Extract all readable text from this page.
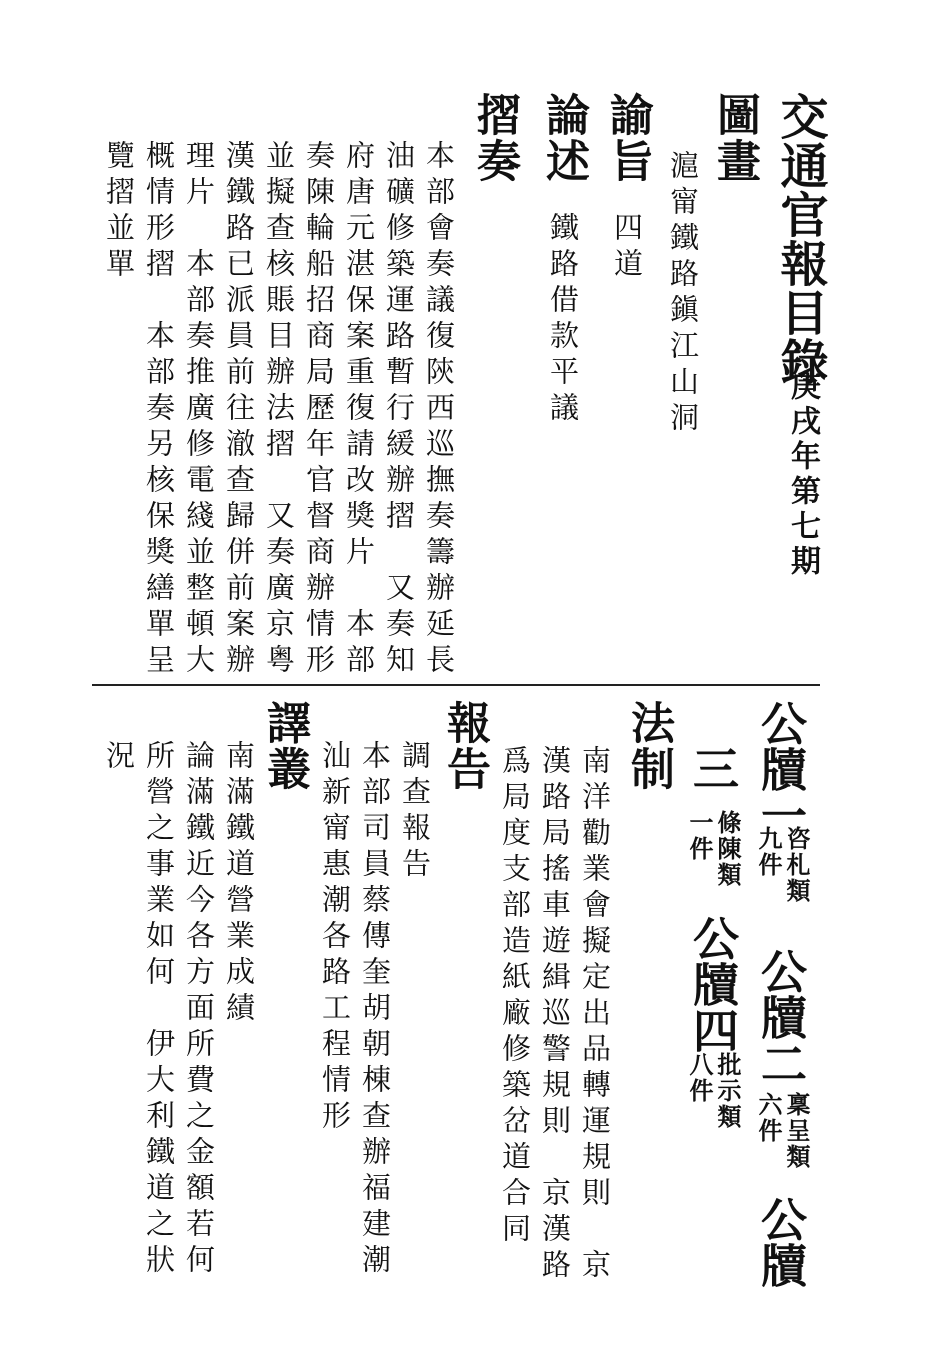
交通官報目錄
庚戌年第七期
圖畫
滬甯鐵路鎭江山洞
諭旨
四道
論述
鐵路借款平議
摺奏
本部會奏議復陝西巡撫奏籌辦延長
油礦修築運路暫行緩辦摺　又奏知
府唐元湛保案重復請改獎片　本部
奏陳輪船招商局歷年官督商辦情形
並擬查核賬目辦法摺　又奏廣京粤
漢鐵路已派員前往澈查歸併前案辦
理片　本部奏推廣修電綫並整頓大
概情形摺　本部奏另核保獎繕單呈
覽摺並單
公牘一
咨札類
九件
公牘二
稟呈類
六件
公牘
三
條陳類
一件
公牘四
批示類
八件
法制
南洋勸業會擬定出品轉運規則　京
漢路局搖車遊緝巡警規則　京漢路
爲局度支部造紙廠修築岔道合同
報告
調查報告
本部司員蔡傳奎胡朝棟查辦福建潮
汕新甯惠潮各路工程情形
譯叢
南滿鐵道營業成績
論滿鐵近今各方面所費之金額若何
所營之事業如何　伊大利鐵道之狀
況
